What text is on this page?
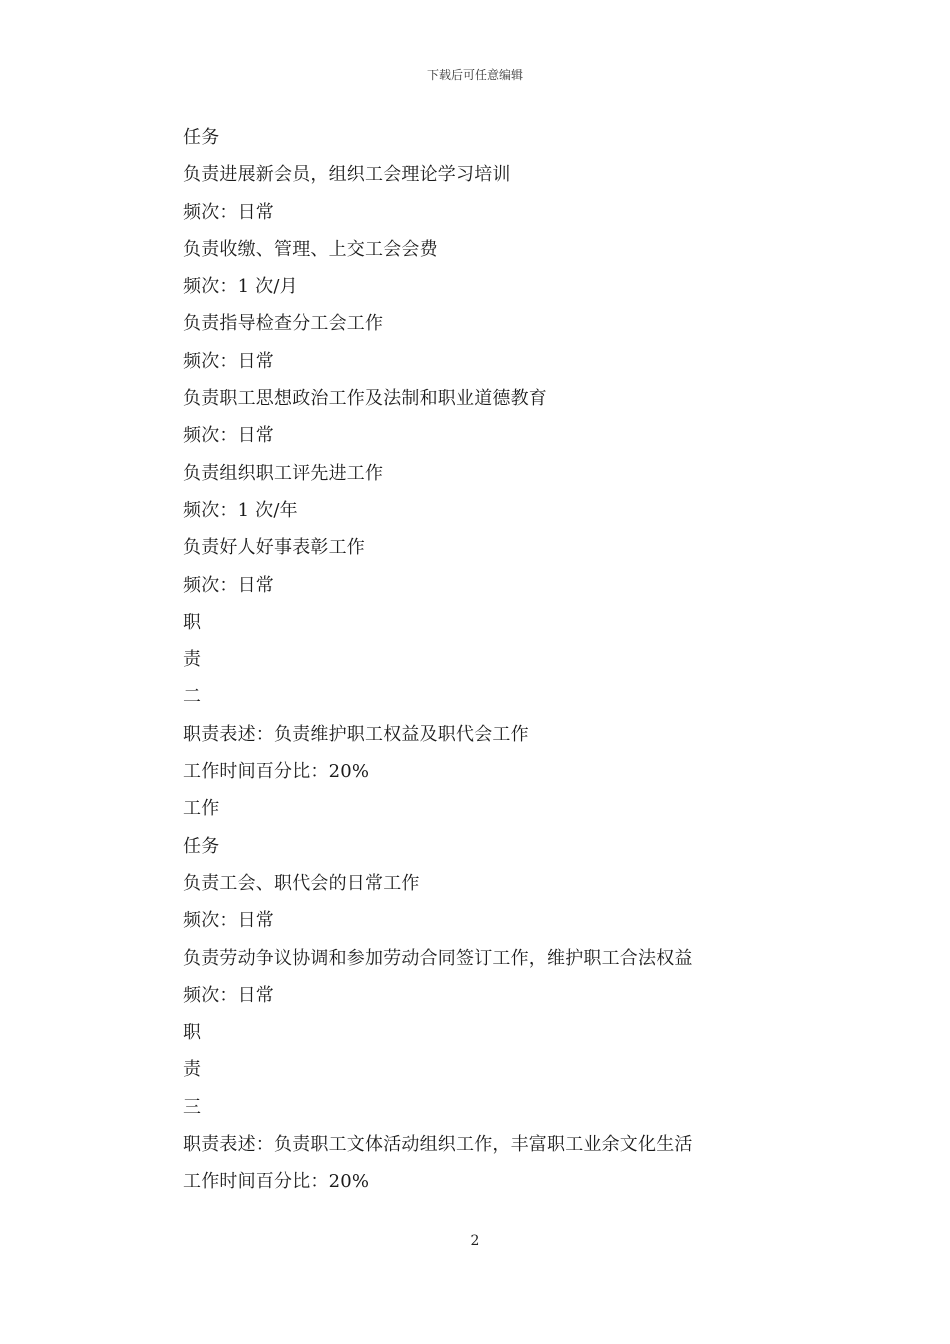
下载后可任意编辑
任务
负责进展新会员，组织工会理论学习培训
频次：日常
负责收缴、管理、上交工会会费
频次：1 次/月
负责指导检查分工会工作
频次：日常
负责职工思想政治工作及法制和职业道德教育
频次：日常
负责组织职工评先进工作
频次：1 次/年
负责好人好事表彰工作
频次：日常
职
责
二
职责表述：负责维护职工权益及职代会工作
工作时间百分比：20%
工作
任务
负责工会、职代会的日常工作
频次：日常
负责劳动争议协调和参加劳动合同签订工作，维护职工合法权益
频次：日常
职
责
三
职责表述：负责职工文体活动组织工作，丰富职工业余文化生活
工作时间百分比：20%
2
